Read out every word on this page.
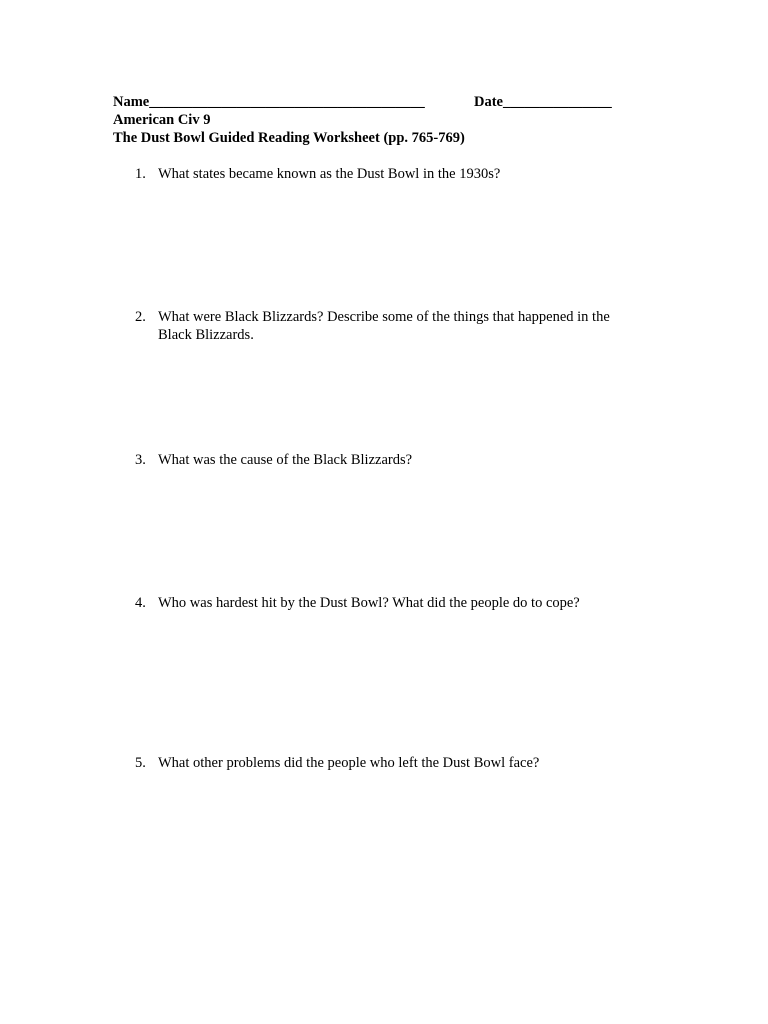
Name______________________________________	Date_______________
American Civ 9
The Dust Bowl Guided Reading Worksheet (pp. 765-769)
1. What states became known as the Dust Bowl in the 1930s?
2. What were Black Blizzards? Describe some of the things that happened in the Black Blizzards.
3. What was the cause of the Black Blizzards?
4. Who was hardest hit by the Dust Bowl? What did the people do to cope?
5. What other problems did the people who left the Dust Bowl face?
